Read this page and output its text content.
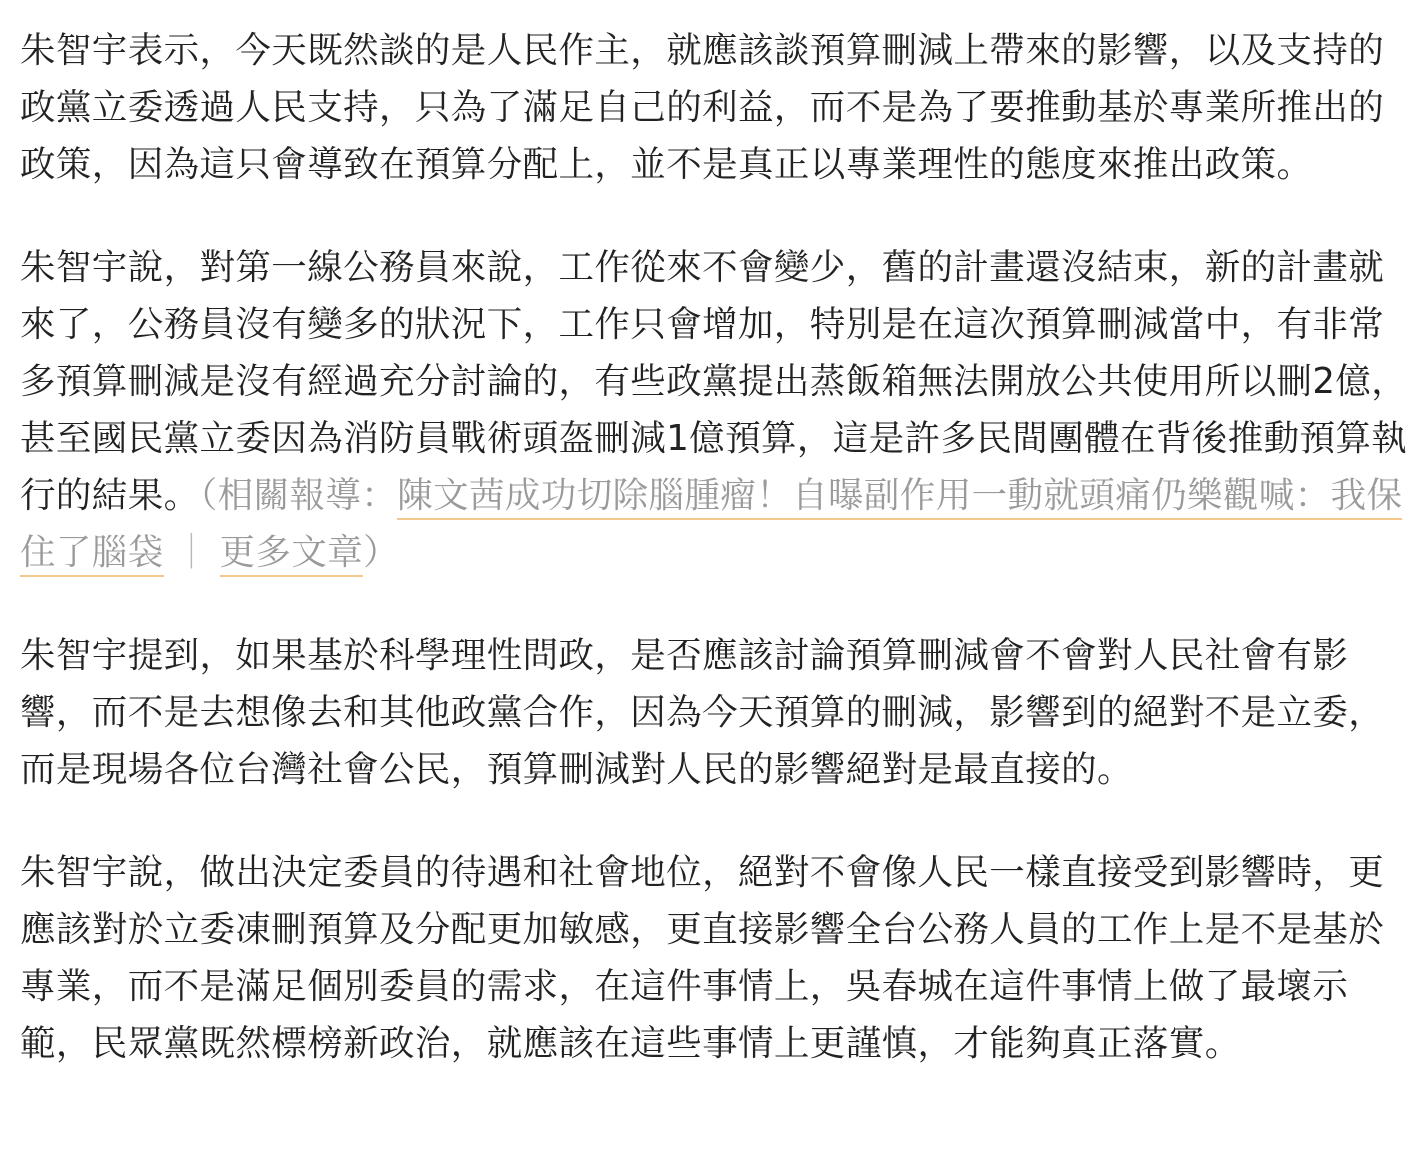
朱智宇表示，今天既然談的是人民作主，就應該談預算刪減上帶來的影響，以及支持的政黨立委透過人民支持，只為了滿足自己的利益，而不是為了要推動基於專業所推出的政策，因為這只會導致在預算分配上，並不是真正以專業理性的態度來推出政策。

朱智宇說，對第一線公務員來說，工作從來不會變少，舊的計畫還沒結束，新的計畫就來了，公務員沒有變多的狀況下，工作只會增加，特別是在這次預算刪減當中，有非常多預算刪減是沒有經過充分討論的，有些政黨提出蒸飯箱無法開放公共使用所以刪2億，甚至國民黨立委因為消防員戰術頭盔刪減1億預算，這是許多民間團體在背後推動預算執行的結果。（相關報導：陳文茜成功切除腦腫瘤！自曝副作用一動就頭痛仍樂觀喊：我保住了腦袋 ｜ 更多文章）

朱智宇提到，如果基於科學理性問政，是否應該討論預算刪減會不會對人民社會有影響，而不是去想像去和其他政黨合作，因為今天預算的刪減，影響到的絕對不是立委，而是現場各位台灣社會公民，預算刪減對人民的影響絕對是最直接的。

朱智宇說，做出決定委員的待遇和社會地位，絕對不會像人民一樣直接受到影響時，更應該對於立委凍刪預算及分配更加敏感，更直接影響全台公務人員的工作上是不是基於專業，而不是滿足個別委員的需求，在這件事情上，吳春城在這件事情上做了最壞示範，民眾黨既然標榜新政治，就應該在這些事情上更謹慎，才能夠真正落實。
